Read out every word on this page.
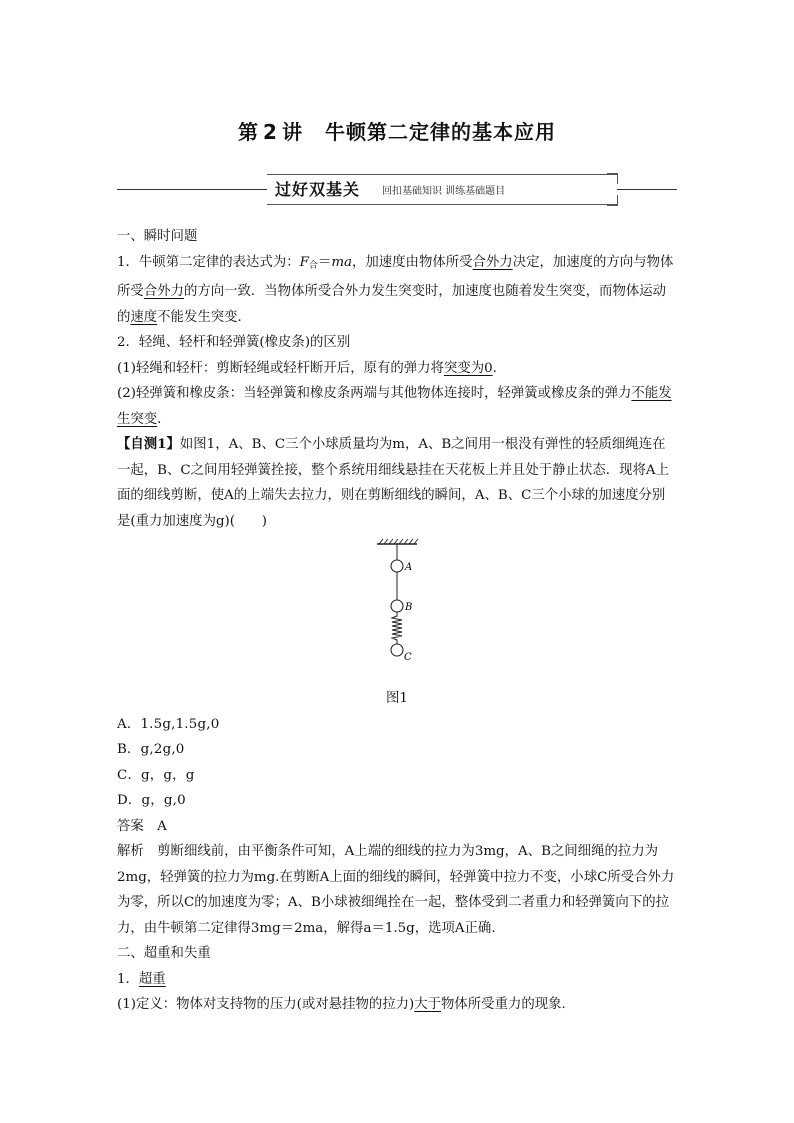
第 2 讲 牛顿第二定律的基本应用
过好双基关 回扣基础知识 训练基础题目

一、瞬时问题

1．牛顿第二定律的表达式为：$F_合=ma$，加速度由物体所受合外力决定，加速度的方向与物体所受合外力的方向一致．当物体所受合外力发生突变时，加速度也随着发生突变，而物体运动的速度不能发生突变．

2．轻绳、轻杆和轻弹簧(橡皮条)的区别

(1)轻绳和轻杆：剪断轻绳或轻杆断开后，原有的弹力将突变为0.

(2)轻弹簧和橡皮条：当轻弹簧和橡皮条两端与其他物体连接时，轻弹簧或橡皮条的弹力不能发生突变.

【自测1】如图1，A、B、C三个小球质量均为m，A、B之间用一根没有弹性的轻质细绳连在一起，B、C之间用轻弹簧拴接，整个系统用细线悬挂在天花板上并且处于静止状态．现将A上面的细线剪断，使A的上端失去拉力，则在剪断细线的瞬间，A、B、C三个小球的加速度分别是(重力加速度为g)(　　)

A
B
C

图1

A．1.5g,1.5g,0

B．g,2g,0

C．g，g，g

D．g，g,0

答案　A

解析　剪断细线前，由平衡条件可知，A上端的细线的拉力为3mg，A、B之间细绳的拉力为2mg，轻弹簧的拉力为mg.在剪断A上面的细线的瞬间，轻弹簧中拉力不变，小球C所受合外力为零，所以C的加速度为零；A、B小球被细绳拴在一起，整体受到二者重力和轻弹簧向下的拉力，由牛顿第二定律得3mg＝2ma，解得a＝1.5g，选项A正确.

二、超重和失重

1．超重

(1)定义：物体对支持物的压力(或对悬挂物的拉力)大于物体所受重力的现象.
